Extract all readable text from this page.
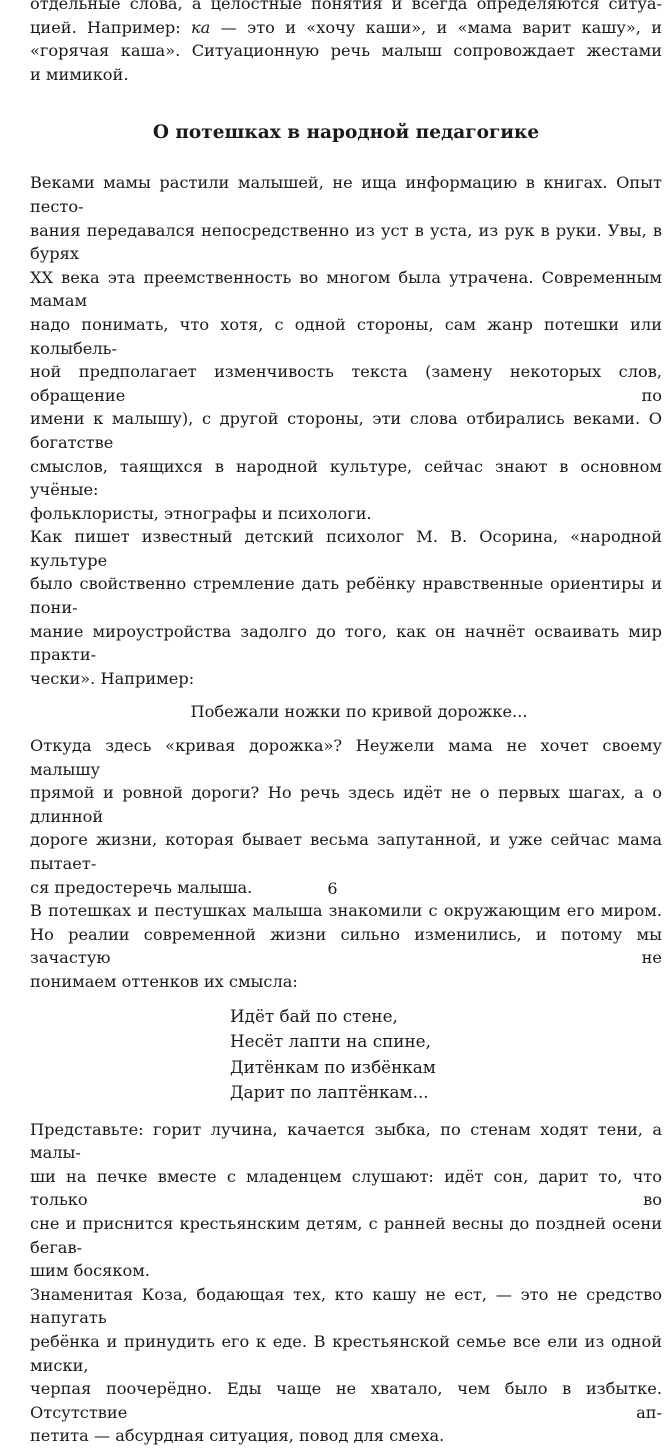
отдельные слова, а целостные понятия и всегда определяются ситуа-
цией. Например: ка — это и «хочу каши», и «мама варит кашу», и
«горячая каша». Ситуационную речь малыш сопровождает жестами
и мимикой.

О потешках в народной педагогике

Веками мамы растили малышей, не ища информацию в книгах. Опыт песто-
вания передавался непосредственно из уст в уста, из рук в руки. Увы, в бурях
XX века эта преемственность во многом была утрачена. Современным мамам
надо понимать, что хотя, с одной стороны, сам жанр потешки или колыбель-
ной предполагает изменчивость текста (замену некоторых слов, обращение по
имени к малышу), с другой стороны, эти слова отбирались веками. О богатстве
смыслов, таящихся в народной культуре, сейчас знают в основном учёные:
фольклористы, этнографы и психологи.

Как пишет известный детский психолог М. В. Осорина, «народной культуре
было свойственно стремление дать ребёнку нравственные ориентиры и пони-
мание мироустройства задолго до того, как он начнёт осваивать мир практи-
чески». Например:

Побежали ножки по кривой дорожке...

Откуда здесь «кривая дорожка»? Неужели мама не хочет своему малышу
прямой и ровной дороги? Но речь здесь идёт не о первых шагах, а о длинной
дороге жизни, которая бывает весьма запутанной, и уже сейчас мама пытает-
ся предостеречь малыша.

В потешках и пестушках малыша знакомили с окружающим его миром.
Но реалии современной жизни сильно изменились, и потому мы зачастую не
понимаем оттенков их смысла:

Идёт бай по стене,
Несёт лапти на спине,
Дитёнкам по избёнкам
Дарит по лаптёнкам...

Представьте: горит лучина, качается зыбка, по стенам ходят тени, а малы-
ши на печке вместе с младенцем слушают: идёт сон, дарит то, что только во
сне и приснится крестьянским детям, с ранней весны до поздней осени бегав-
шим босяком.

Знаменитая Коза, бодающая тех, кто кашу не ест, — это не средство напугать
ребёнка и принудить его к еде. В крестьянской семье все ели из одной миски,
черпая поочерёдно. Еды чаще не хватало, чем было в избытке. Отсутствие ап-
петита — абсурдная ситуация, повод для смеха.

6
